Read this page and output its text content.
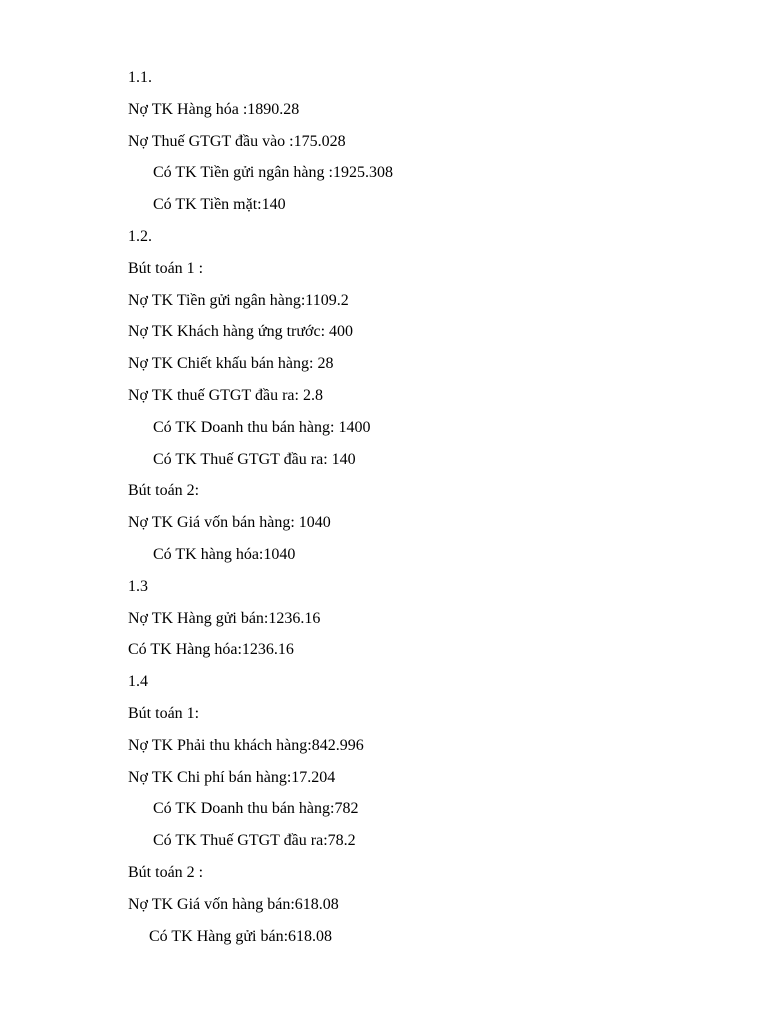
1.1.
Nợ TK Hàng hóa :1890.28
Nợ Thuế GTGT đầu vào :175.028
Có TK Tiền gửi ngân hàng :1925.308
Có TK Tiền mặt:140
1.2.
Bút toán 1 :
Nợ TK Tiền gửi ngân hàng:1109.2
Nợ TK Khách hàng ứng trước: 400
Nợ TK Chiết khấu bán hàng: 28
Nợ TK thuế GTGT đầu ra: 2.8
Có TK Doanh thu bán hàng: 1400
Có TK Thuế GTGT đầu ra: 140
Bút toán 2:
Nợ TK Giá vốn bán hàng: 1040
Có TK hàng hóa:1040
1.3
Nợ TK Hàng gửi bán:1236.16
Có TK Hàng hóa:1236.16
1.4
Bút toán 1:
Nợ TK Phải thu khách hàng:842.996
Nợ TK Chi phí bán hàng:17.204
Có TK Doanh thu bán hàng:782
Có TK Thuế GTGT đầu ra:78.2
Bút toán 2 :
Nợ TK Giá vốn hàng bán:618.08
Có TK Hàng gửi bán:618.08
